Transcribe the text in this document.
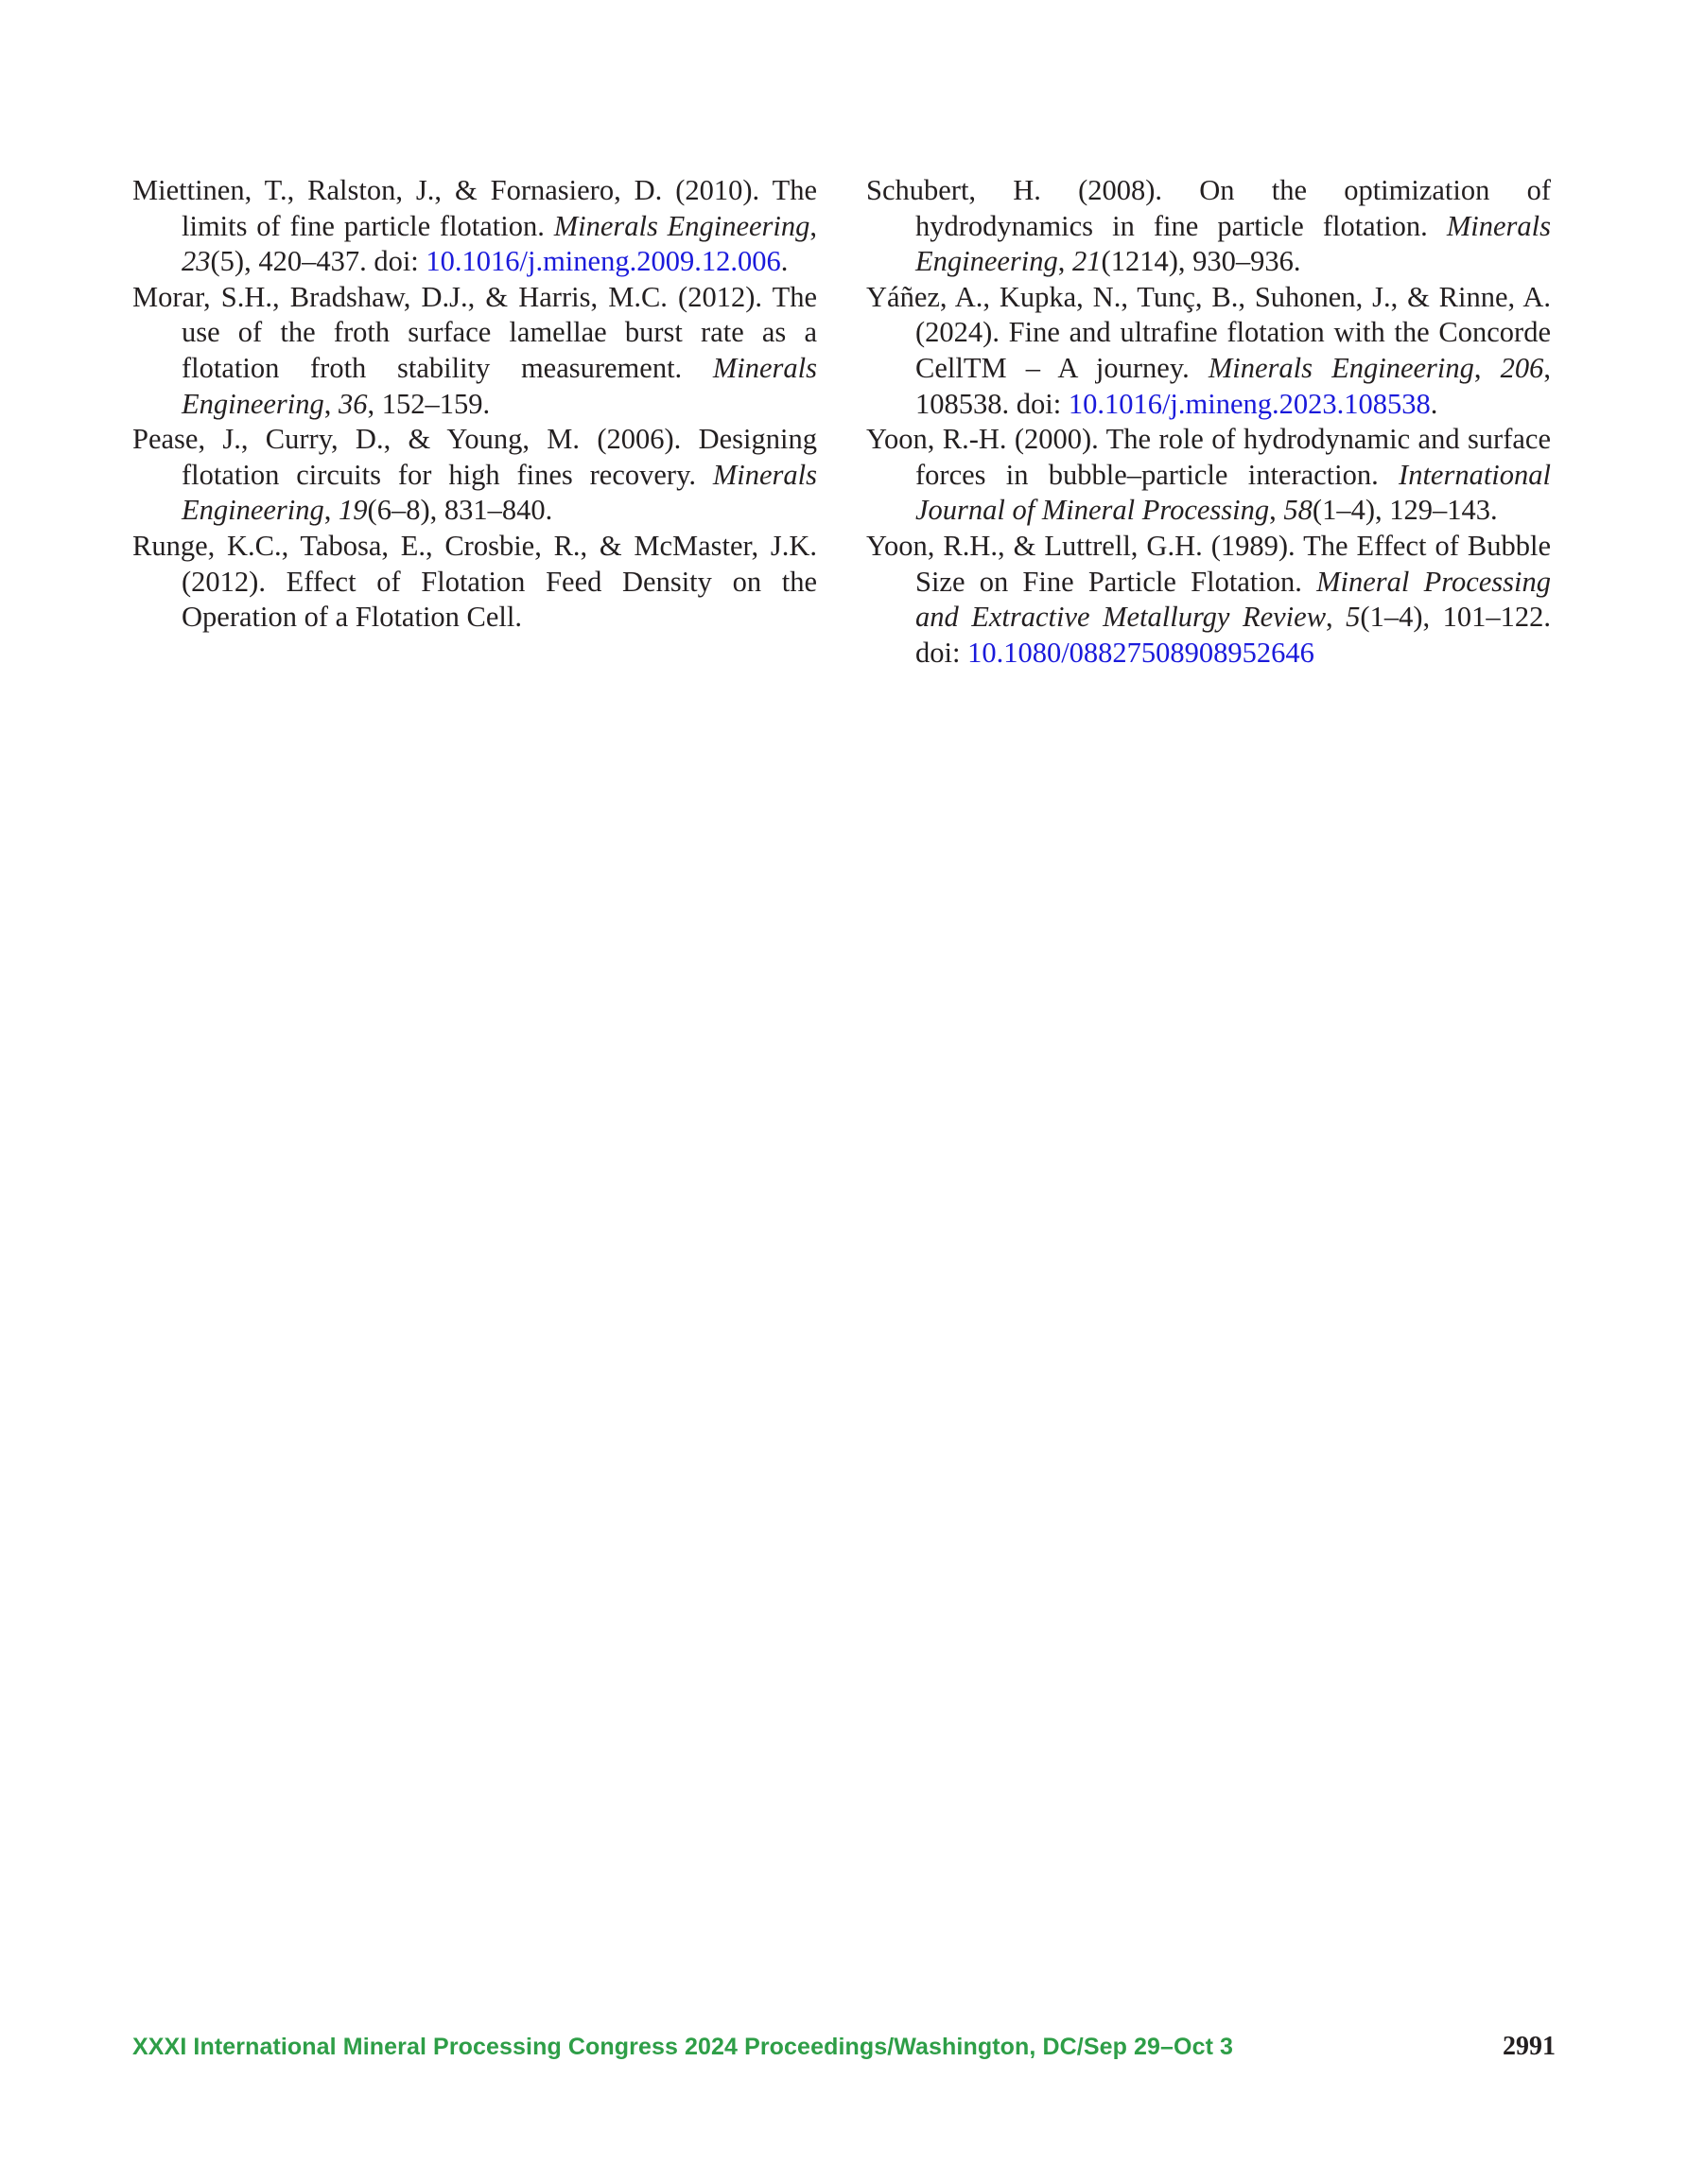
Miettinen, T., Ralston, J., & Fornasiero, D. (2010). The limits of fine particle flotation. Minerals Engineering, 23(5), 420–437. doi: 10.1016/j.mineng.2009.12.006.

Morar, S.H., Bradshaw, D.J., & Harris, M.C. (2012). The use of the froth surface lamellae burst rate as a flotation froth stability measurement. Minerals Engineering, 36, 152–159.

Pease, J., Curry, D., & Young, M. (2006). Designing flotation circuits for high fines recovery. Minerals Engineering, 19(6–8), 831–840.

Runge, K.C., Tabosa, E., Crosbie, R., & McMaster, J.K. (2012). Effect of Flotation Feed Density on the Operation of a Flotation Cell.

Schubert, H. (2008). On the optimization of hydrodynamics in fine particle flotation. Minerals Engineering, 21(1214), 930–936.

Yáñez, A., Kupka, N., Tunç, B., Suhonen, J., & Rinne, A. (2024). Fine and ultrafine flotation with the Concorde CellTM – A journey. Minerals Engineering, 206, 108538. doi: 10.1016/j.mineng.2023.108538.

Yoon, R.-H. (2000). The role of hydrodynamic and surface forces in bubble–particle interaction. International Journal of Mineral Processing, 58(1–4), 129–143.

Yoon, R.H., & Luttrell, G.H. (1989). The Effect of Bubble Size on Fine Particle Flotation. Mineral Processing and Extractive Metallurgy Review, 5(1–4), 101–122. doi: 10.1080/08827508908952646

XXXI International Mineral Processing Congress 2024 Proceedings/Washington, DC/Sep 29–Oct 3	2991
